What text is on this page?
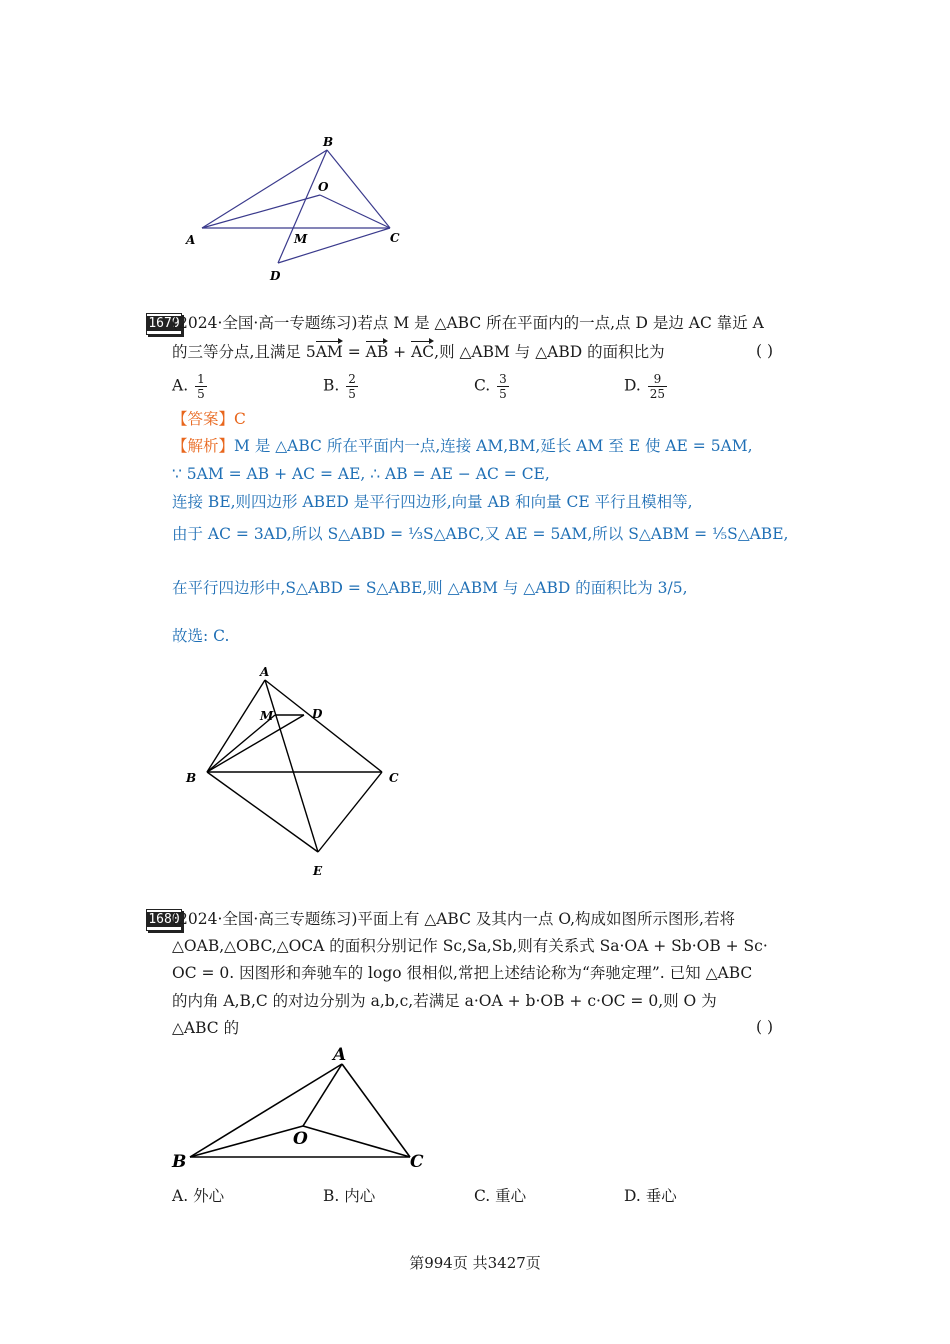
B
O
A	M	C
D
1679
(2024·全国·高一专题练习)若点 M 是 △ABC 所在平面内的一点,点 D 是边 AC 靠近 A
的三等分点,且满足 5AM = AB + AC,则 △ABM 与 △ABD 的面积比为	( )
A. $\frac{1}{5}$	B. $\frac{2}{5}$	C. $\frac{3}{5}$	D. $\frac{9}{25}$
【答案】C
【解析】M 是 △ABC 所在平面内一点,连接 AM,BM,延长 AM 至 E 使 AE = 5AM,
∵ 5AM = AB + AC = AE, ∴ AB = AE − AC = CE,
连接 BE,则四边形 ABED 是平行四边形,向量 AB 和向量 CE 平行且模相等,
由于 AC = 3AD,所以 S△ABD = ⅓S△ABC,又 AE = 5AM,所以 S△ABM = ⅕S△ABE,
在平行四边形中,S△ABD = S△ABE,则 △ABM 与 △ABD 的面积比为 3/5,
故选: C.
A
M	D
B	C
E
1680
(2024·全国·高三专题练习)平面上有 △ABC 及其内一点 O,构成如图所示图形,若将
△OAB,△OBC,△OCA 的面积分别记作 Sc,Sa,Sb,则有关系式 Sa·OA + Sb·OB + Sc·
OC = 0. 因图形和奔驰车的 logo 很相似,常把上述结论称为“奔驰定理”. 已知 △ABC
的内角 A,B,C 的对边分别为 a,b,c,若满足 a·OA + b·OB + c·OC = 0,则 O 为
△ABC 的	( )
A
O
B	C
A. 外心	B. 内心	C. 重心	D. 垂心
第994页 共3427页
